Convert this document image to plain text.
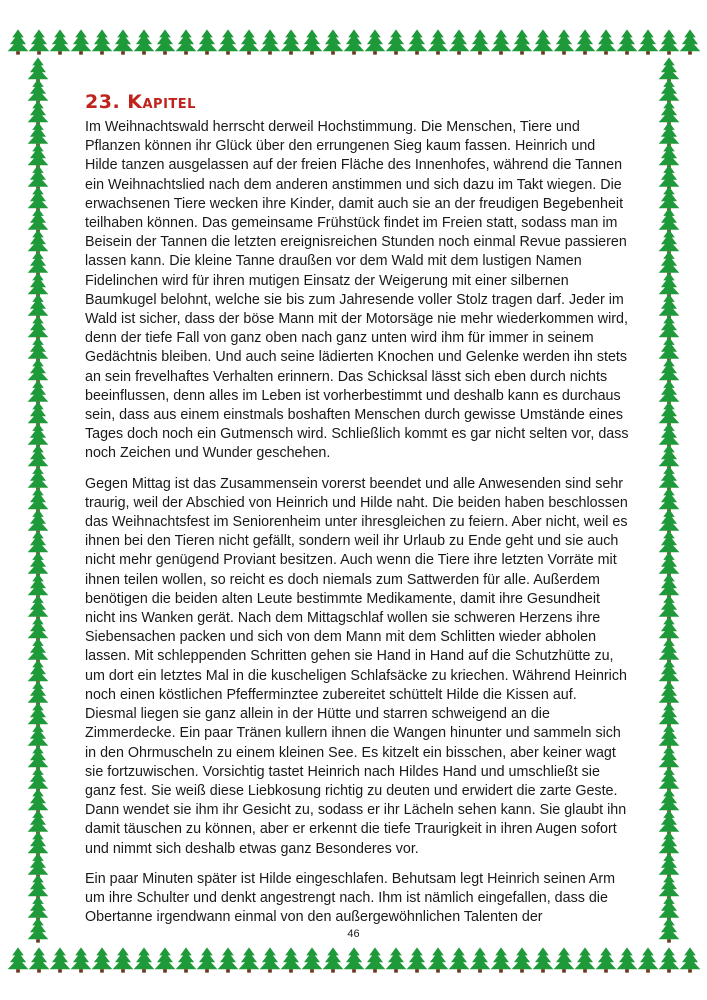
23. Kapitel

Im Weihnachtswald herrscht derweil Hochstimmung. Die Menschen, Tiere und Pflanzen können ihr Glück über den errungenen Sieg kaum fassen. Heinrich und Hilde tanzen ausgelassen auf der freien Fläche des Innenhofes, während die Tannen ein Weihnachtslied nach dem anderen anstimmen und sich dazu im Takt wiegen. Die erwachsenen Tiere wecken ihre Kinder, damit auch sie an der freudigen Begebenheit teilhaben können. Das gemeinsame Frühstück findet im Freien statt, sodass man im Beisein der Tannen die letzten ereignisreichen Stunden noch einmal Revue passieren lassen kann. Die kleine Tanne draußen vor dem Wald mit dem lustigen Namen Fidelinchen wird für ihren mutigen Einsatz der Weigerung mit einer silbernen Baumkugel belohnt, welche sie bis zum Jahresende voller Stolz tragen darf. Jeder im Wald ist sicher, dass der böse Mann mit der Motorsäge nie mehr wiederkommen wird, denn der tiefe Fall von ganz oben nach ganz unten wird ihm für immer in seinem Gedächtnis bleiben. Und auch seine lädierten Knochen und Gelenke werden ihn stets an sein frevelhaftes Verhalten erinnern. Das Schicksal lässt sich eben durch nichts beeinflussen, denn alles im Leben ist vorherbestimmt und deshalb kann es durchaus sein, dass aus einem einstmals boshaften Menschen durch gewisse Umstände eines Tages doch noch ein Gutmensch wird. Schließlich kommt es gar nicht selten vor, dass noch Zeichen und Wunder geschehen.

Gegen Mittag ist das Zusammensein vorerst beendet und alle Anwesenden sind sehr traurig, weil der Abschied von Heinrich und Hilde naht. Die beiden haben beschlossen das Weihnachtsfest im Seniorenheim unter ihresgleichen zu feiern. Aber nicht, weil es ihnen bei den Tieren nicht gefällt, sondern weil ihr Urlaub zu Ende geht und sie auch nicht mehr genügend Proviant besitzen. Auch wenn die Tiere ihre letzten Vorräte mit ihnen teilen wollen, so reicht es doch niemals zum Sattwerden für alle. Außerdem benötigen die beiden alten Leute bestimmte Medikamente, damit ihre Gesundheit nicht ins Wanken gerät. Nach dem Mittagschlaf wollen sie schweren Herzens ihre Siebensachen packen und sich von dem Mann mit dem Schlitten wieder abholen lassen. Mit schleppenden Schritten gehen sie Hand in Hand auf die Schutzhütte zu, um dort ein letztes Mal in die kuscheligen Schlafsäcke zu kriechen. Während Heinrich noch einen köstlichen Pfefferminztee zubereitet schüttelt Hilde die Kissen auf. Diesmal liegen sie ganz allein in der Hütte und starren schweigend an die Zimmerdecke. Ein paar Tränen kullern ihnen die Wangen hinunter und sammeln sich in den Ohrmuscheln zu einem kleinen See. Es kitzelt ein bisschen, aber keiner wagt sie fortzuwischen. Vorsichtig tastet Heinrich nach Hildes Hand und umschließt sie ganz fest. Sie weiß diese Liebkosung richtig zu deuten und erwidert die zarte Geste. Dann wendet sie ihm ihr Gesicht zu, sodass er ihr Lächeln sehen kann. Sie glaubt ihn damit täuschen zu können, aber er erkennt die tiefe Traurigkeit in ihren Augen sofort und nimmt sich deshalb etwas ganz Besonderes vor.

Ein paar Minuten später ist Hilde eingeschlafen. Behutsam legt Heinrich seinen Arm um ihre Schulter und denkt angestrengt nach. Ihm ist nämlich eingefallen, dass die Obertanne irgendwann einmal von den außergewöhnlichen Talenten der

46
